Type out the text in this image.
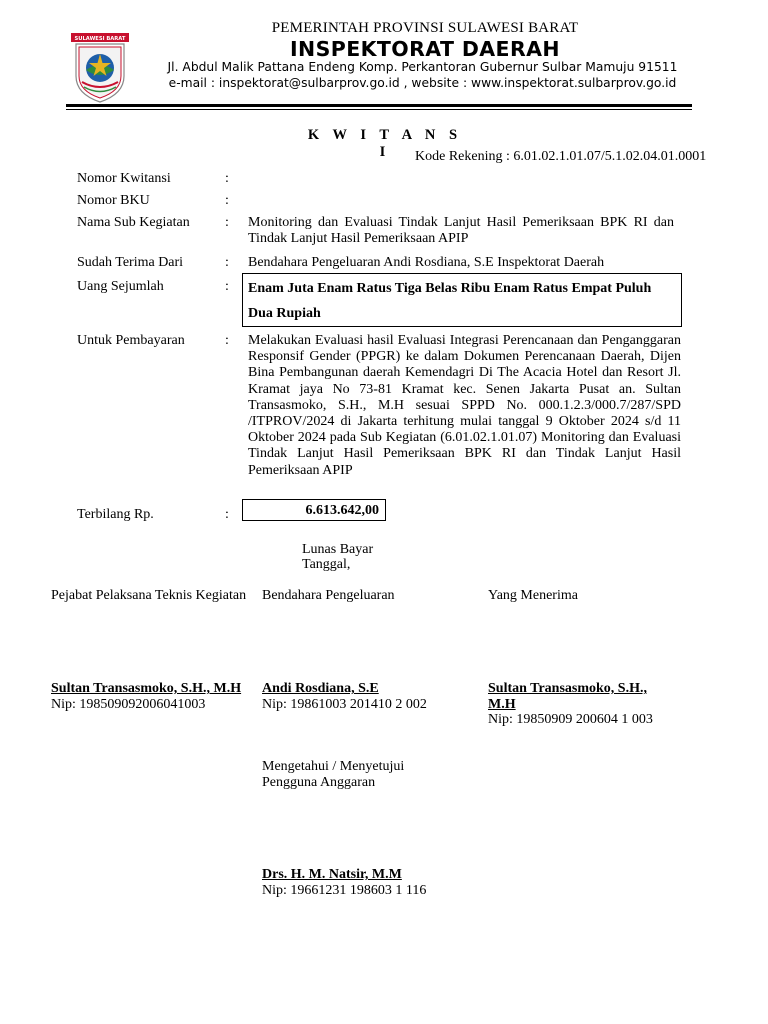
SULAWESI BARAT
PEMERINTAH PROVINSI SULAWESI BARAT
INSPEKTORAT DAERAH
Jl. Abdul Malik Pattana Endeng Komp. Perkantoran Gubernur Sulbar Mamuju 91511
e-mail : inspektorat@sulbarprov.go.id , website : www.inspektorat.sulbarprov.go.id
K W I T A N S I	Kode Rekening : 6.01.02.1.01.07/5.1.02.04.01.0001
Nomor Kwitansi	:
Nomor BKU	:
Nama Sub Kegiatan	: Monitoring dan Evaluasi Tindak Lanjut Hasil Pemeriksaan BPK RI dan Tindak Lanjut Hasil Pemeriksaan APIP
Sudah Terima Dari	: Bendahara Pengeluaran Andi Rosdiana, S.E Inspektorat Daerah
Uang Sejumlah	: Enam Juta Enam Ratus Tiga Belas Ribu Enam Ratus Empat Puluh Dua Rupiah
Untuk Pembayaran	: Melakukan Evaluasi hasil Evaluasi Integrasi Perencanaan dan Penganggaran Responsif Gender (PPGR) ke dalam Dokumen Perencanaan Daerah, Dijen Bina Pembangunan daerah Kemendagri Di The Acacia Hotel dan Resort Jl. Kramat jaya No 73-81 Kramat kec. Senen Jakarta Pusat an. Sultan Transasmoko, S.H., M.H sesuai SPPD No. 000.1.2.3/000.7/287/SPD /ITPROV/2024 di Jakarta terhitung mulai tanggal 9 Oktober 2024 s/d 11 Oktober 2024 pada Sub Kegiatan (6.01.02.1.01.07) Monitoring dan Evaluasi Tindak Lanjut Hasil Pemeriksaan BPK RI dan Tindak Lanjut Hasil Pemeriksaan APIP
Terbilang Rp.	:	6.613.642,00
Lunas Bayar
Tanggal,
Pejabat Pelaksana Teknis Kegiatan Bendahara Pengeluaran	Yang Menerima
Sultan Transasmoko, S.H., M.H
Nip: 198509092006041003
Andi Rosdiana, S.E
Nip: 19861003 201410 2 002
Sultan Transasmoko, S.H., M.H
Nip: 19850909 200604 1 003
Mengetahui / Menyetujui
Pengguna Anggaran
Drs. H. M. Natsir, M.M
Nip: 19661231 198603 1 116
